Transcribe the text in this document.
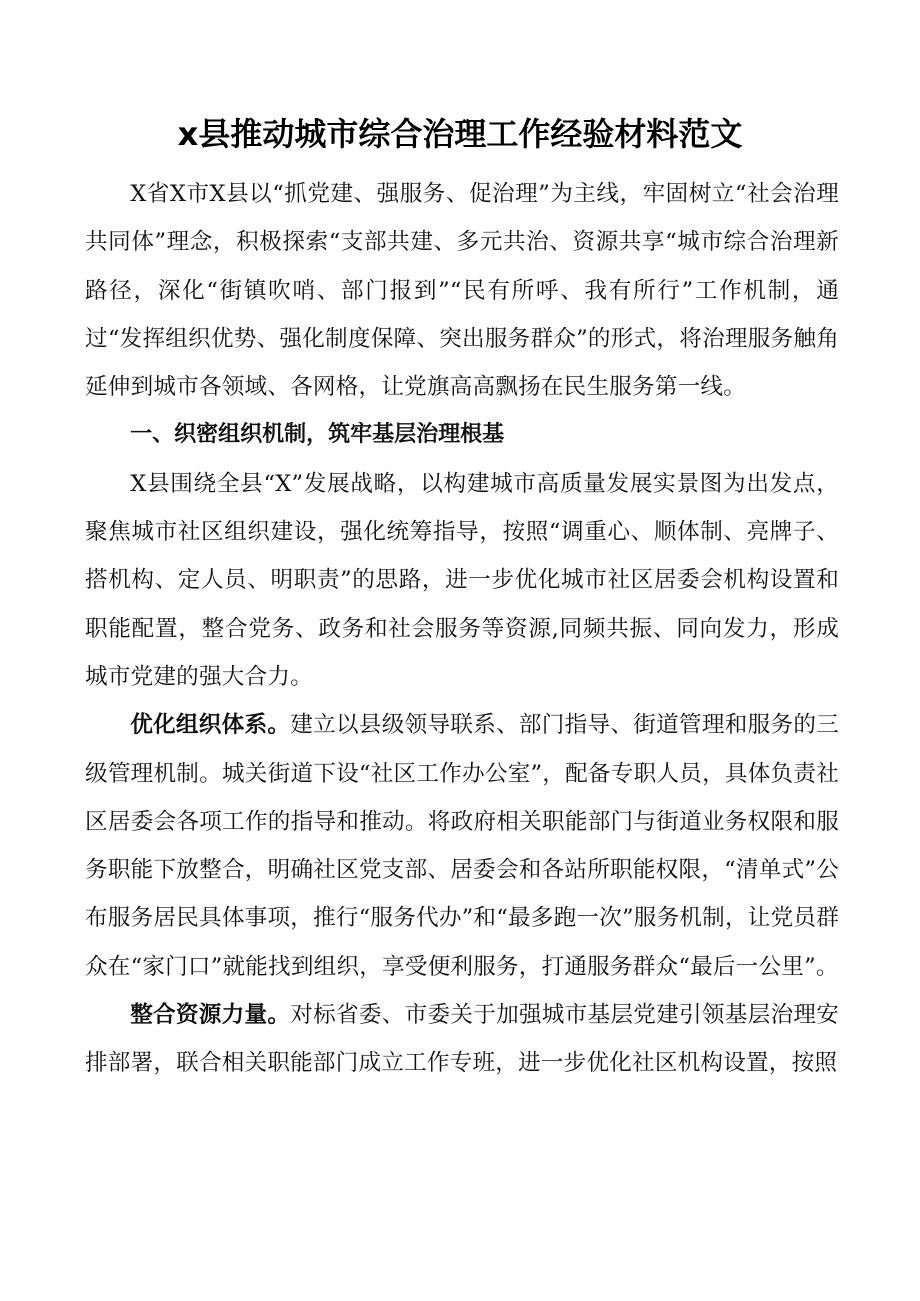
x县推动城市综合治理工作经验材料范文

X省X市X县以“抓党建、强服务、促治理”为主线，牢固树立“社会治理共同体”理念，积极探索“支部共建、多元共治、资源共享“城市综合治理新路径，深化“街镇吹哨、部门报到”“民有所呼、我有所行”工作机制，通过“发挥组织优势、强化制度保障、突出服务群众”的形式，将治理服务触角延伸到城市各领域、各网格，让党旗高高飘扬在民生服务第一线。

一、织密组织机制，筑牢基层治理根基

X县围绕全县“X”发展战略，以构建城市高质量发展实景图为出发点，聚焦城市社区组织建设，强化统筹指导，按照“调重心、顺体制、亮牌子、搭机构、定人员、明职责”的思路，进一步优化城市社区居委会机构设置和职能配置，整合党务、政务和社会服务等资源,同频共振、同向发力，形成城市党建的强大合力。

优化组织体系。建立以县级领导联系、部门指导、街道管理和服务的三级管理机制。城关街道下设“社区工作办公室”，配备专职人员，具体负责社区居委会各项工作的指导和推动。将政府相关职能部门与街道业务权限和服务职能下放整合，明确社区党支部、居委会和各站所职能权限，“清单式”公布服务居民具体事项，推行“服务代办”和“最多跑一次”服务机制，让党员群众在“家门口”就能找到组织，享受便利服务，打通服务群众“最后一公里”。

整合资源力量。对标省委、市委关于加强城市基层党建引领基层治理安排部署，联合相关职能部门成立工作专班，进一步优化社区机构设置，按照
